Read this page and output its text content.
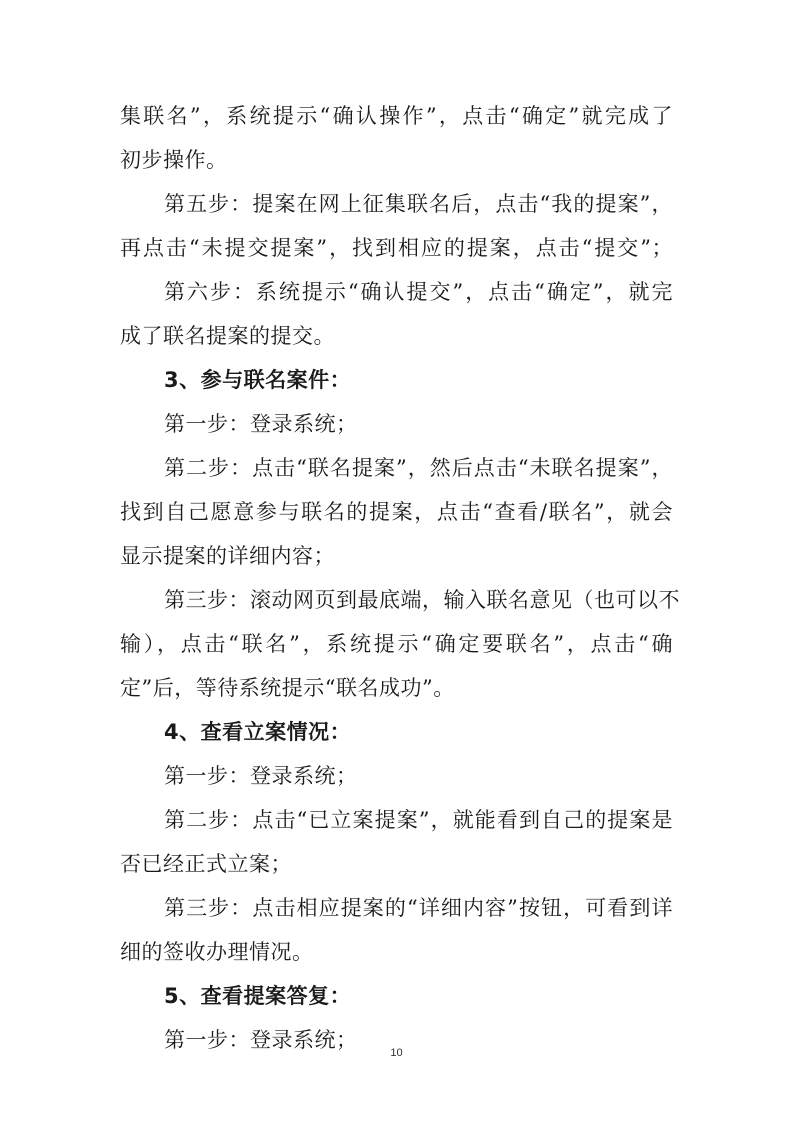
集联名”，系统提示“确认操作”，点击“确定”就完成了
初步操作。
第五步：提案在网上征集联名后，点击“我的提案”，
再点击“未提交提案”，找到相应的提案，点击“提交”；
第六步：系统提示“确认提交”，点击“确定”，就完
成了联名提案的提交。
3、参与联名案件：
第一步：登录系统；
第二步：点击“联名提案”，然后点击“未联名提案”，
找到自己愿意参与联名的提案，点击“查看/联名”，就会
显示提案的详细内容；
第三步：滚动网页到最底端，输入联名意见（也可以不
输），点击“联名”，系统提示“确定要联名”，点击“确
定”后，等待系统提示“联名成功”。
4、查看立案情况：
第一步：登录系统；
第二步：点击“已立案提案”，就能看到自己的提案是
否已经正式立案；
第三步：点击相应提案的“详细内容”按钮，可看到详
细的签收办理情况。
5、查看提案答复：
第一步：登录系统；
10
